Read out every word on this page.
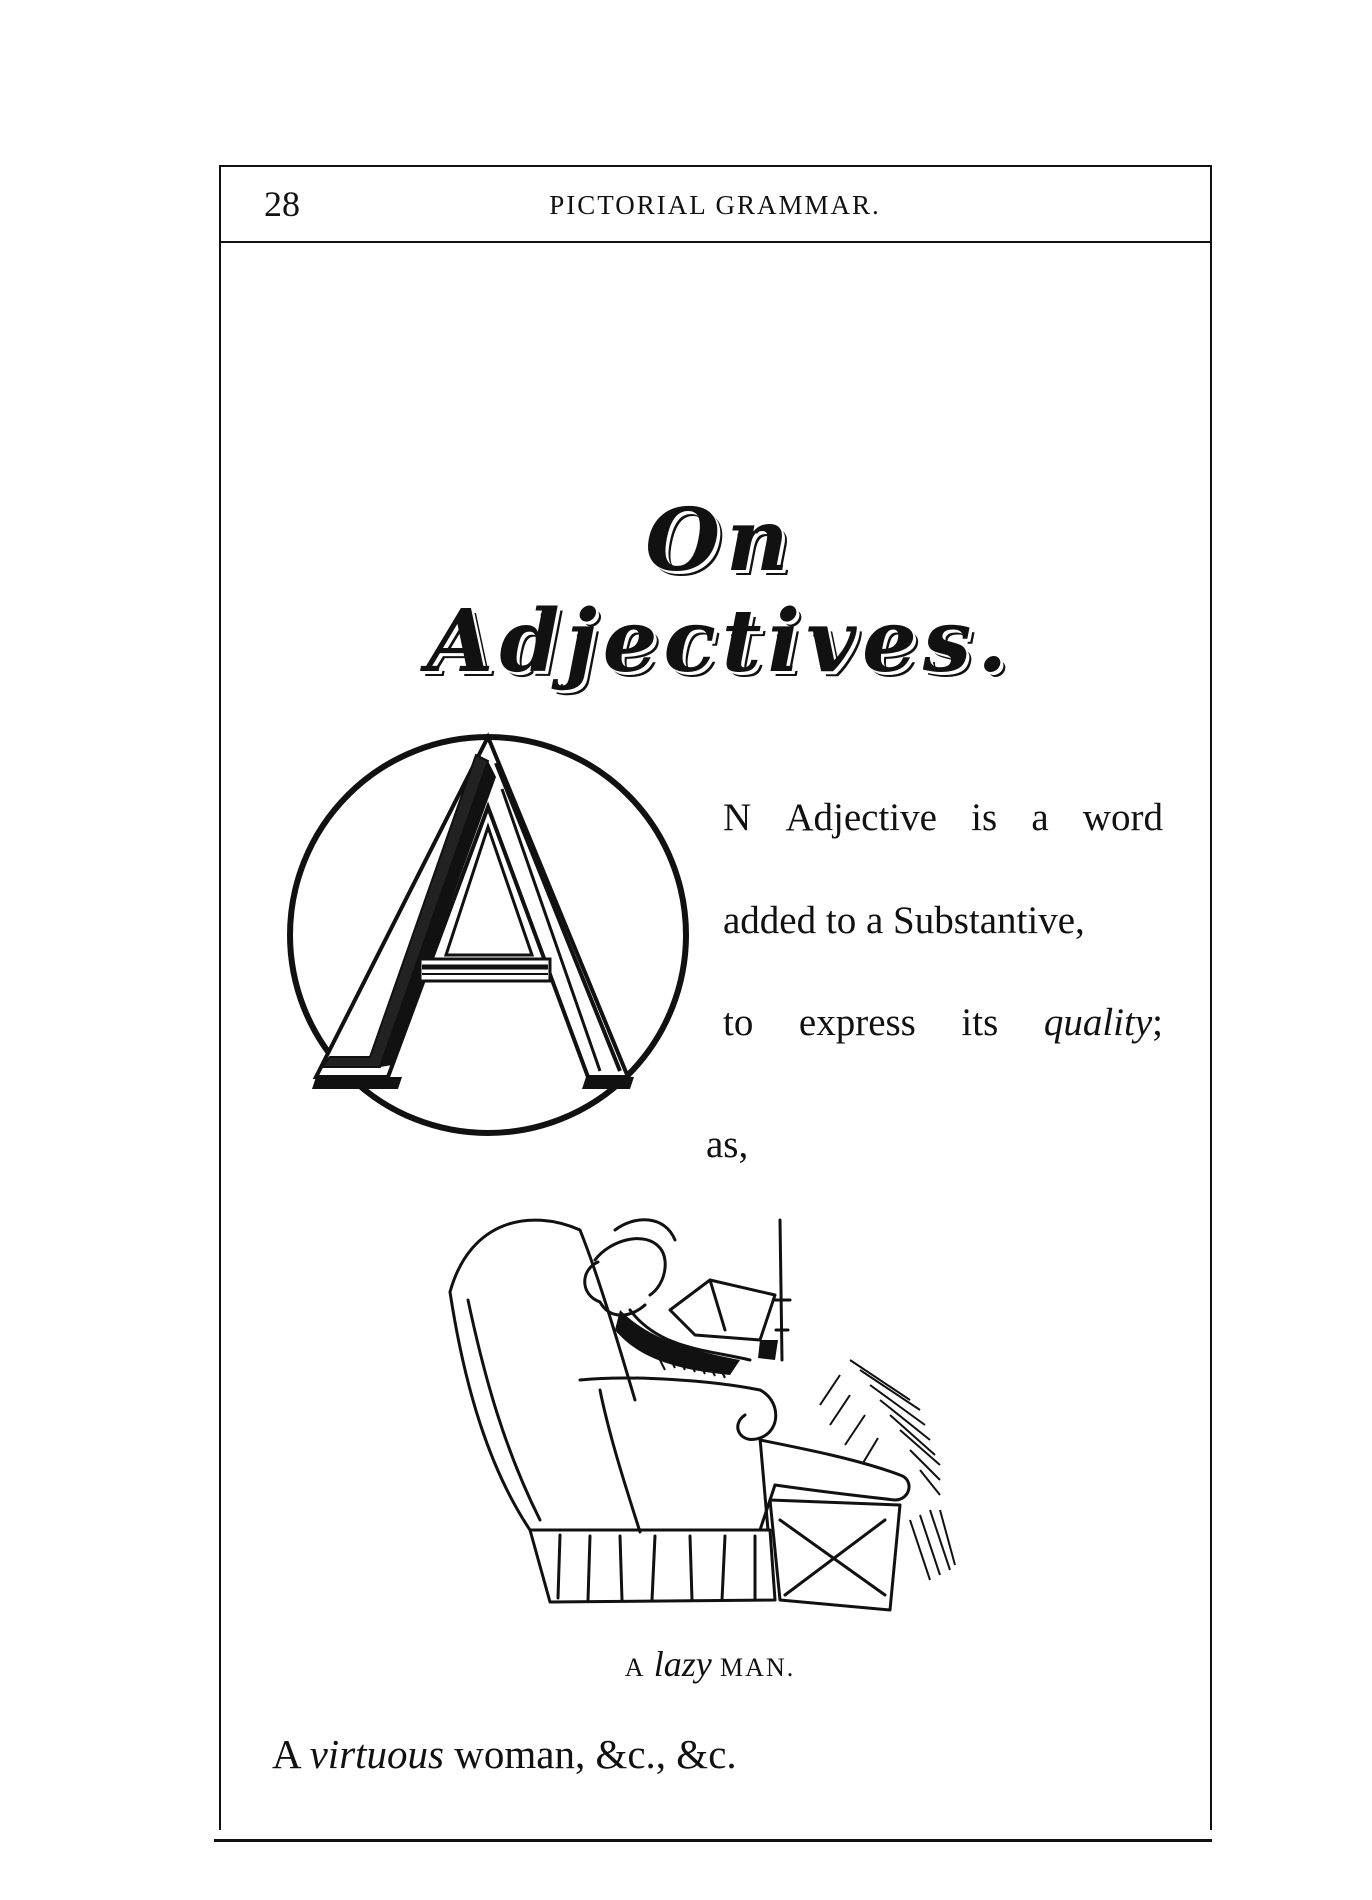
28	PICTORIAL GRAMMAR.
On Adjectives.
A
N Adjective is a word
added to a Substantive,
to express its quality;
as,
A lazy MAN.
A virtuous woman, &c., &c.
